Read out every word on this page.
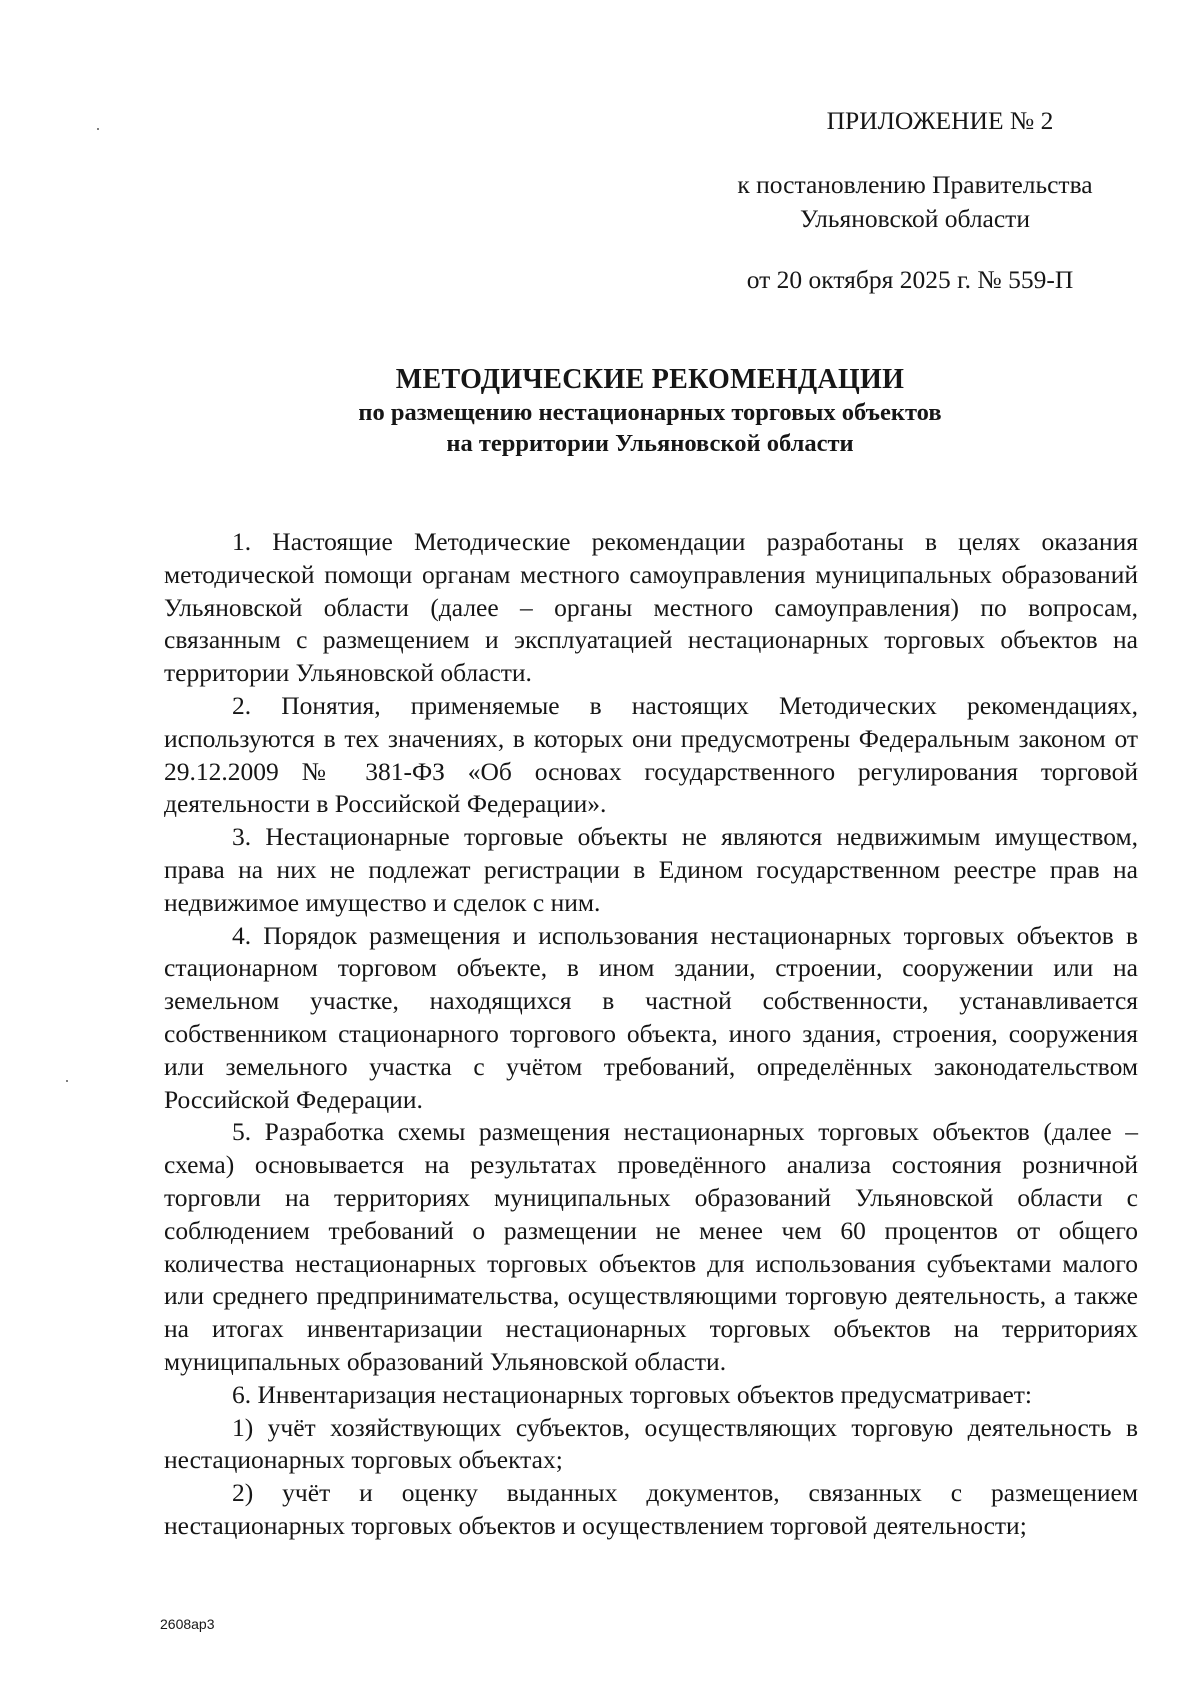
ПРИЛОЖЕНИЕ № 2
к постановлению Правительства
Ульяновской области
от 20 октября 2025 г. № 559-П

МЕТОДИЧЕСКИЕ РЕКОМЕНДАЦИИ

по размещению нестационарных торговых объектов

на территории Ульяновской области

1. Настоящие Методические рекомендации разработаны в целях оказания методической помощи органам местного самоуправления муниципальных образований Ульяновской области (далее – органы местного самоуправления) по вопросам, связанным с размещением и эксплуатацией нестационарных торговых объектов на территории Ульяновской области.

2. Понятия, применяемые в настоящих Методических рекомендациях, используются в тех значениях, в которых они предусмотрены Федеральным законом от 29.12.2009 № 381-ФЗ «Об основах государственного регулирования торговой деятельности в Российской Федерации».

3. Нестационарные торговые объекты не являются недвижимым имуществом, права на них не подлежат регистрации в Едином государственном реестре прав на недвижимое имущество и сделок с ним.

4. Порядок размещения и использования нестационарных торговых объектов в стационарном торговом объекте, в ином здании, строении, сооружении или на земельном участке, находящихся в частной собственности, устанавливается собственником стационарного торгового объекта, иного здания, строения, сооружения или земельного участка с учётом требований, определённых законодательством Российской Федерации.

5. Разработка схемы размещения нестационарных торговых объектов (далее – схема) основывается на результатах проведённого анализа состояния розничной торговли на территориях муниципальных образований Ульяновской области с соблюдением требований о размещении не менее чем 60 процентов от общего количества нестационарных торговых объектов для использования субъектами малого или среднего предпринимательства, осуществляющими торговую деятельность, а также на итогах инвентаризации нестационарных торговых объектов на территориях муниципальных образований Ульяновской области.

6. Инвентаризация нестационарных торговых объектов предусматривает:

1) учёт хозяйствующих субъектов, осуществляющих торговую деятельность в нестационарных торговых объектах;

2) учёт и оценку выданных документов, связанных с размещением нестационарных торговых объектов и осуществлением торговой деятельности;

2608ap3
